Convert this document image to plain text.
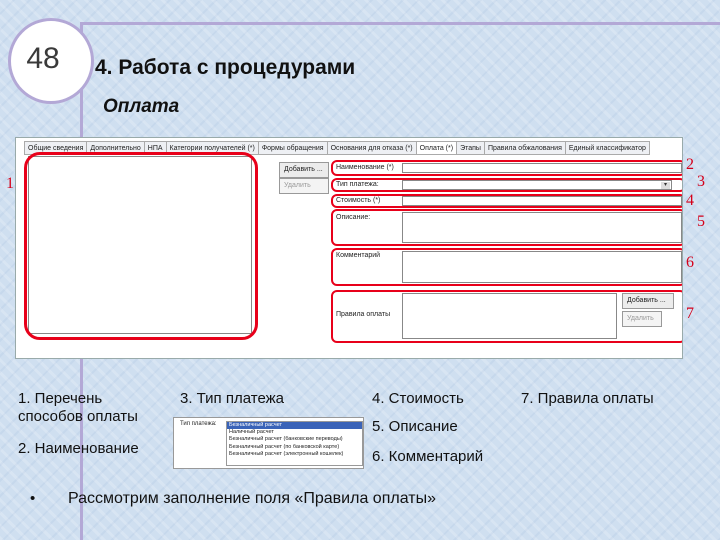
48	4. Работа с процедурами
Оплата
Общие сведения	Дополнительно	НПА	Категории получателей (*)	Формы обращения	Основания для отказа (*)	Оплата (*)	Этапы	Правила обжалования	Единый классификатор
Добавить ...
Удалить
Наименование (*)
Тип платежа:	▾
Стоимость (*)
Описание:
Комментарий
Правила оплаты
Добавить ...
Удалить
1
2
3
4
5
6
7
1. Перечень способов оплаты
2. Наименование
3. Тип платежа	4. Стоимость
5. Описание
6. Комментарий
7. Правила оплаты
Тип платежа:	Безналичный расчет
Наличный расчет
Безналичный расчет (банковские переводы)
Безналичный расчет (по банковской карте)
Безналичный расчет (электронный кошелек)
• Рассмотрим заполнение поля «Правила оплаты»
